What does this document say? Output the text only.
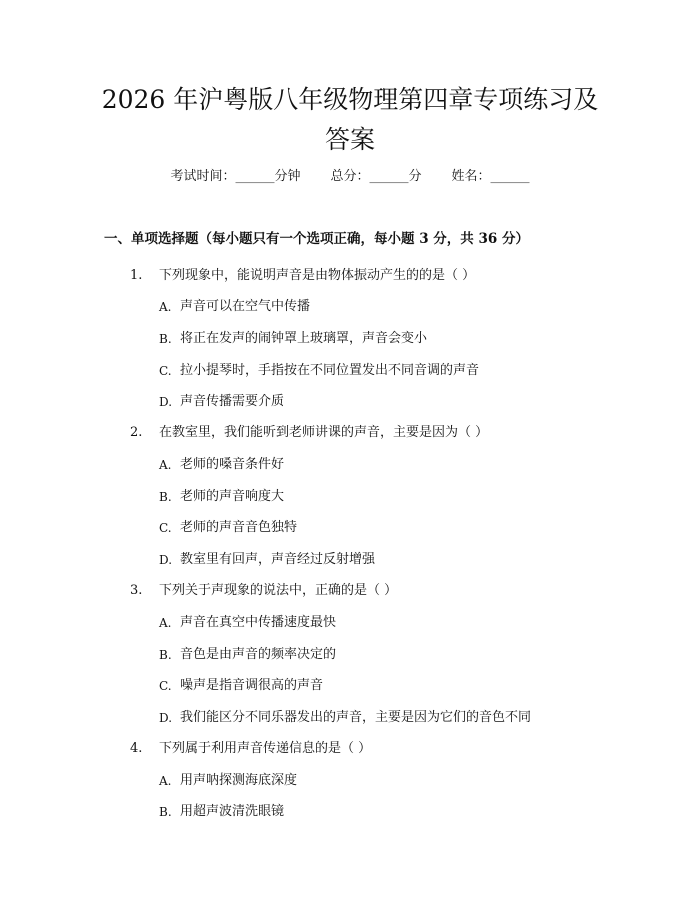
2026 年沪粤版八年级物理第四章专项练习及
答案
考试时间：______分钟 总分：______分 姓名：______
一、单项选择题（每小题只有一个选项正确，每小题 3 分，共 36 分）
1. 下列现象中，能说明声音是由物体振动产生的的是（ ）
A. 声音可以在空气中传播
B. 将正在发声的闹钟罩上玻璃罩，声音会变小
C. 拉小提琴时，手指按在不同位置发出不同音调的声音
D. 声音传播需要介质
2. 在教室里，我们能听到老师讲课的声音，主要是因为（ ）
A. 老师的嗓音条件好
B. 老师的声音响度大
C. 老师的声音音色独特
D. 教室里有回声，声音经过反射增强
3. 下列关于声现象的说法中，正确的是（ ）
A. 声音在真空中传播速度最快
B. 音色是由声音的频率决定的
C. 噪声是指音调很高的声音
D. 我们能区分不同乐器发出的声音，主要是因为它们的音色不同
4. 下列属于利用声音传递信息的是（ ）
A. 用声呐探测海底深度
B. 用超声波清洗眼镜
